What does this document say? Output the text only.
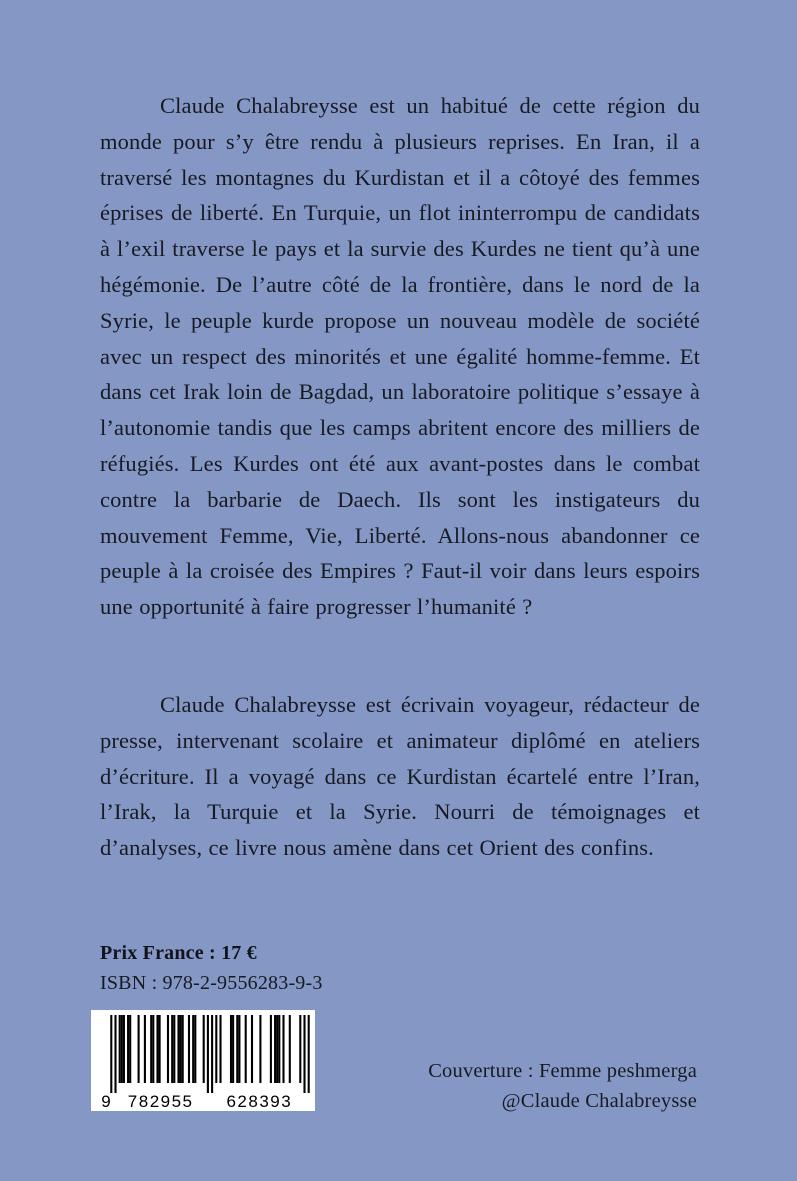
Claude Chalabreysse est un habitué de cette région du monde pour s’y être rendu à plusieurs reprises. En Iran, il a traversé les montagnes du Kurdistan et il a côtoyé des femmes éprises de liberté. En Turquie, un flot ininterrompu de candidats à l’exil traverse le pays et la survie des Kurdes ne tient qu’à une hégémonie. De l’autre côté de la frontière, dans le nord de la Syrie, le peuple kurde propose un nouveau modèle de société avec un respect des minorités et une égalité homme-femme. Et dans cet Irak loin de Bagdad, un laboratoire politique s’essaye à l’autonomie tandis que les camps abritent encore des milliers de réfugiés. Les Kurdes ont été aux avant-postes dans le combat contre la barbarie de Daech. Ils sont les instigateurs du mouvement Femme, Vie, Liberté. Allons-nous abandonner ce peuple à la croisée des Empires ? Faut-il voir dans leurs espoirs une opportunité à faire progresser l’humanité ?

Claude Chalabreysse est écrivain voyageur, rédacteur de presse, intervenant scolaire et animateur diplômé en ateliers d’écriture. Il a voyagé dans ce Kurdistan écartelé entre l’Iran, l’Irak, la Turquie et la Syrie. Nourri de témoignages et d’analyses, ce livre nous amène dans cet Orient des confins.

Prix France : 17 €
ISBN : 978-2-9556283-9-3
9 782955 628393
Couverture : Femme peshmerga
@Claude Chalabreysse
